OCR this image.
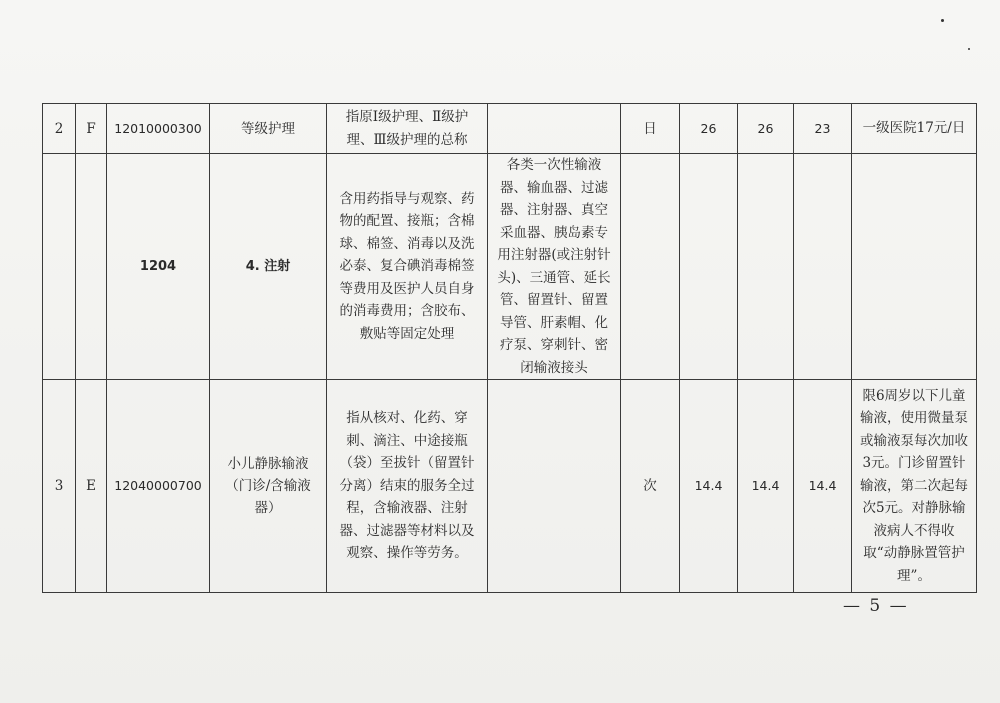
2	F	12010000300	等级护理	指原Ⅰ级护理、Ⅱ级护理、Ⅲ级护理的总称		日	26	26	23	一级医院17元/日
		1204	4. 注射	含用药指导与观察、药物的配置、接瓶；含棉球、棉签、消毒以及洗必泰、复合碘消毒棉签等费用及医护人员自身的消毒费用；含胶布、敷贴等固定处理	各类一次性输液器、输血器、过滤器、注射器、真空采血器、胰岛素专用注射器(或注射针头)、三通管、延长管、留置针、留置导管、肝素帽、化疗泵、穿刺针、密闭输液接头					
3	E	12040000700	小儿静脉输液（门诊/含输液器）	指从核对、化药、穿刺、滴注、中途接瓶（袋）至拔针（留置针分离）结束的服务全过程，含输液器、注射器、过滤器等材料以及观察、操作等劳务。		次	14.4	14.4	14.4	限6周岁以下儿童输液，使用微量泵或输液泵每次加收3元。门诊留置针输液，第二次起每次5元。对静脉输液病人不得收取“动静脉置管护理”。
— 5 —
